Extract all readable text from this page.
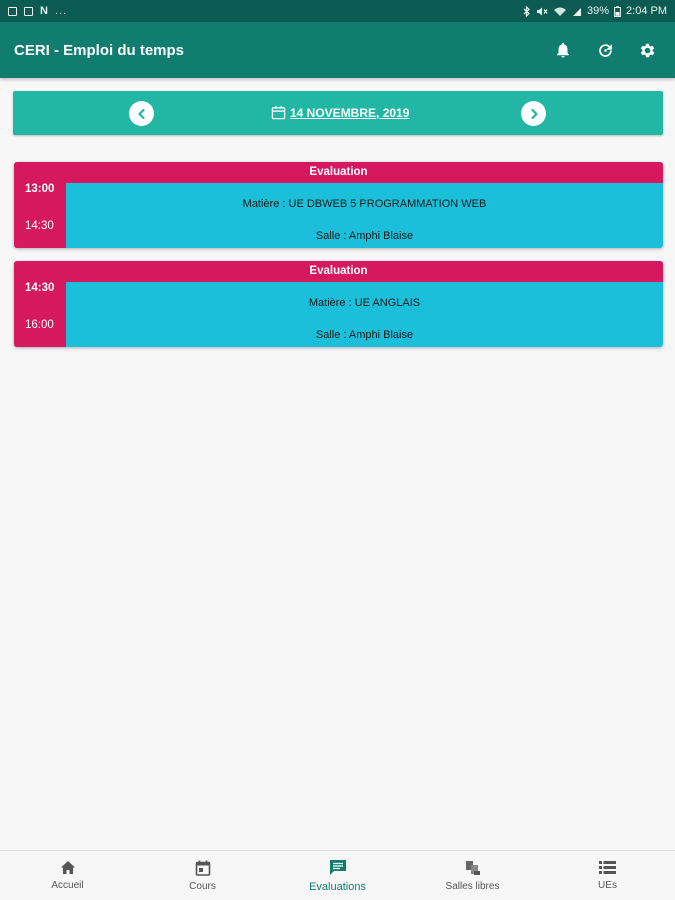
N ...	39% 2:04 PM
CERI - Emploi du temps
14 NOVEMBRE, 2019
Evaluation
13:00
14:30
Matière : UE DBWEB 5 PROGRAMMATION WEB
Salle : Amphi Blaise
Evaluation
14:30
16:00
Matière : UE ANGLAIS
Salle : Amphi Blaise
Accueil	Cours	Evaluations	Salles libres	UEs
